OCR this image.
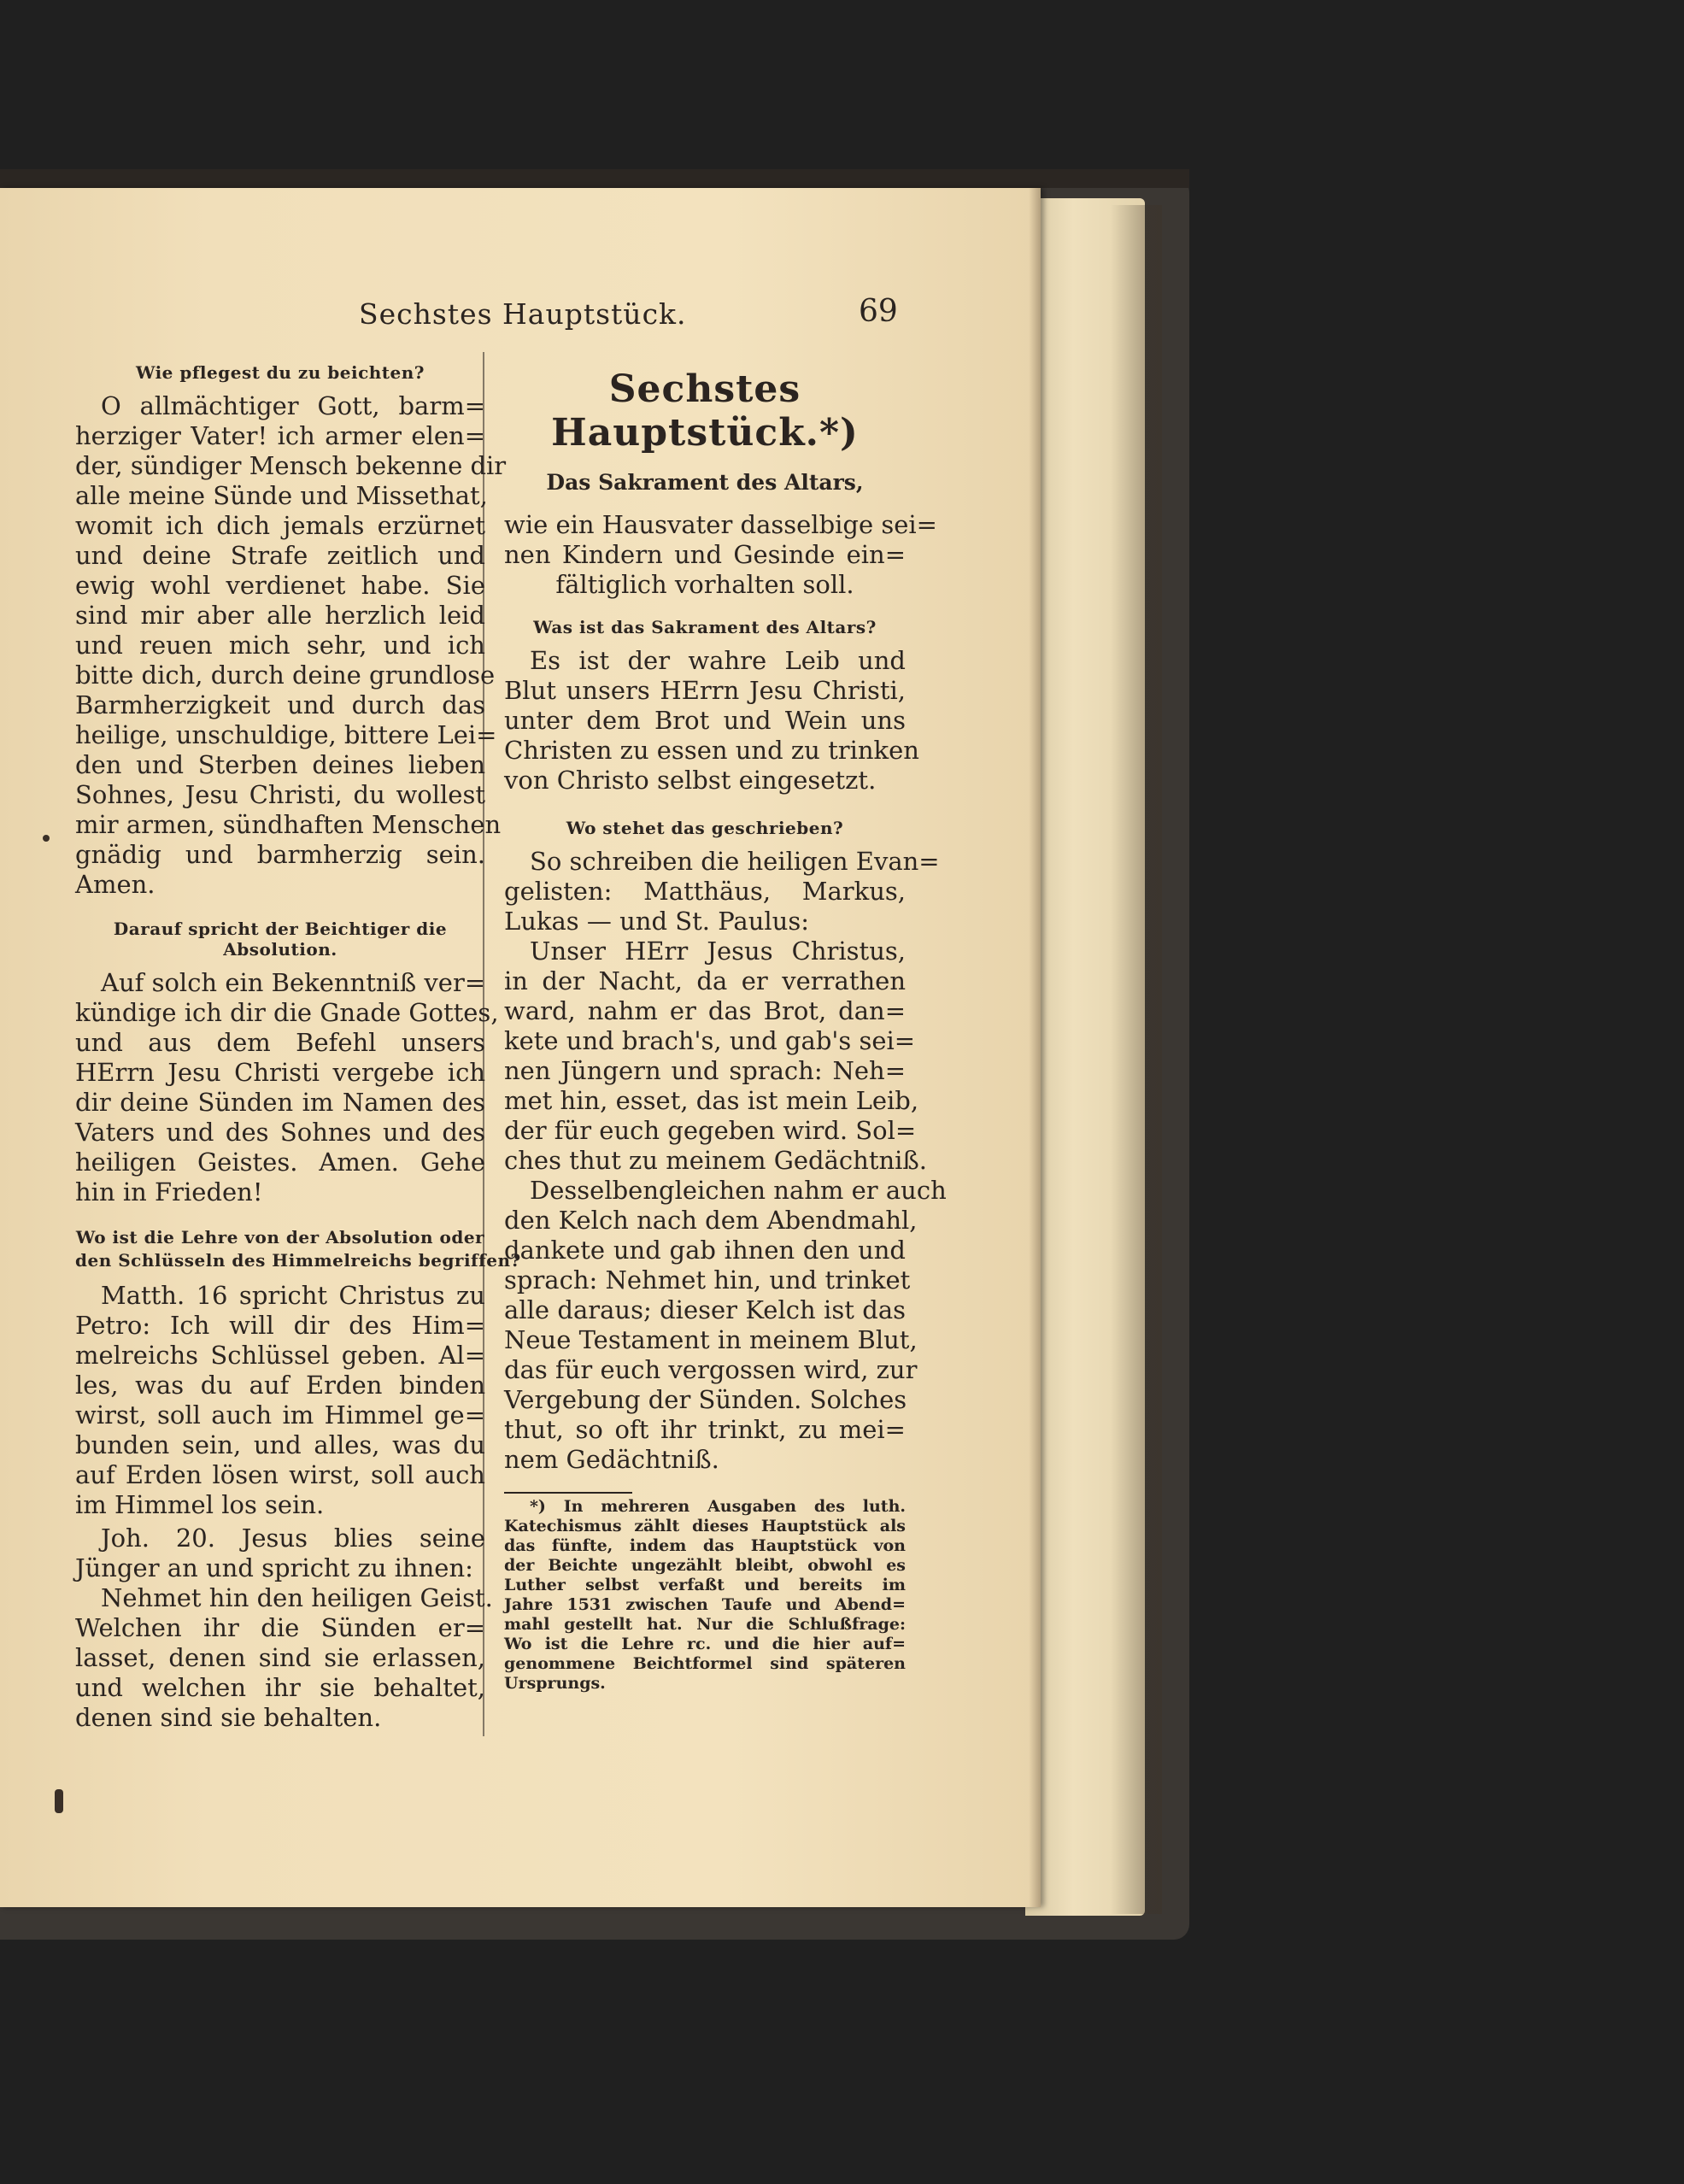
Sechstes Hauptstück.	69

Wie pflegest du zu beichten?
O allmächtiger Gott, barm=
herziger Vater! ich armer elen=
der, sündiger Mensch bekenne dir
alle meine Sünde und Missethat,
womit ich dich jemals erzürnet
und deine Strafe zeitlich und
ewig wohl verdienet habe. Sie
sind mir aber alle herzlich leid
und reuen mich sehr, und ich
bitte dich, durch deine grundlose
Barmherzigkeit und durch das
heilige, unschuldige, bittere Lei=
den und Sterben deines lieben
Sohnes, Jesu Christi, du wollest
mir armen, sündhaften Menschen
gnädig und barmherzig sein.
Amen.
Darauf spricht der Beichtiger die Absolution.
Auf solch ein Bekenntniß ver=
kündige ich dir die Gnade Gottes,
und aus dem Befehl unsers
HErrn Jesu Christi vergebe ich
dir deine Sünden im Namen des
Vaters und des Sohnes und des
heiligen Geistes. Amen. Gehe
hin in Frieden!
Wo ist die Lehre von der Absolution oder
den Schlüsseln des Himmelreichs begriffen?
Matth. 16 spricht Christus zu
Petro: Ich will dir des Him=
melreichs Schlüssel geben. Al=
les, was du auf Erden binden
wirst, soll auch im Himmel ge=
bunden sein, und alles, was du
auf Erden lösen wirst, soll auch
im Himmel los sein.
Joh. 20. Jesus blies seine
Jünger an und spricht zu ihnen:
Nehmet hin den heiligen Geist.
Welchen ihr die Sünden er=
lasset, denen sind sie erlassen,
und welchen ihr sie behaltet,
denen sind sie behalten.
Sechstes Hauptstück.*)
Das Sakrament des Altars,
wie ein Hausvater dasselbige sei=
nen Kindern und Gesinde ein=
fältiglich vorhalten soll.
Was ist das Sakrament des Altars?
Es ist der wahre Leib und
Blut unsers HErrn Jesu Christi,
unter dem Brot und Wein uns
Christen zu essen und zu trinken
von Christo selbst eingesetzt.
Wo stehet das geschrieben?
So schreiben die heiligen Evan=
gelisten: Matthäus, Markus,
Lukas — und St. Paulus:
Unser HErr Jesus Christus,
in der Nacht, da er verrathen
ward, nahm er das Brot, dan=
kete und brach's, und gab's sei=
nen Jüngern und sprach: Neh=
met hin, esset, das ist mein Leib,
der für euch gegeben wird. Sol=
ches thut zu meinem Gedächtniß.
Desselbengleichen nahm er auch
den Kelch nach dem Abendmahl,
dankete und gab ihnen den und
sprach: Nehmet hin, und trinket
alle daraus; dieser Kelch ist das
Neue Testament in meinem Blut,
das für euch vergossen wird, zur
Vergebung der Sünden. Solches
thut, so oft ihr trinkt, zu mei=
nem Gedächtniß.
*) In mehreren Ausgaben des luth.
Katechismus zählt dieses Hauptstück als
das fünfte, indem das Hauptstück von
der Beichte ungezählt bleibt, obwohl es
Luther selbst verfaßt und bereits im
Jahre 1531 zwischen Taufe und Abend=
mahl gestellt hat. Nur die Schlußfrage:
Wo ist die Lehre rc. und die hier auf=
genommene Beichtformel sind späteren
Ursprungs.
